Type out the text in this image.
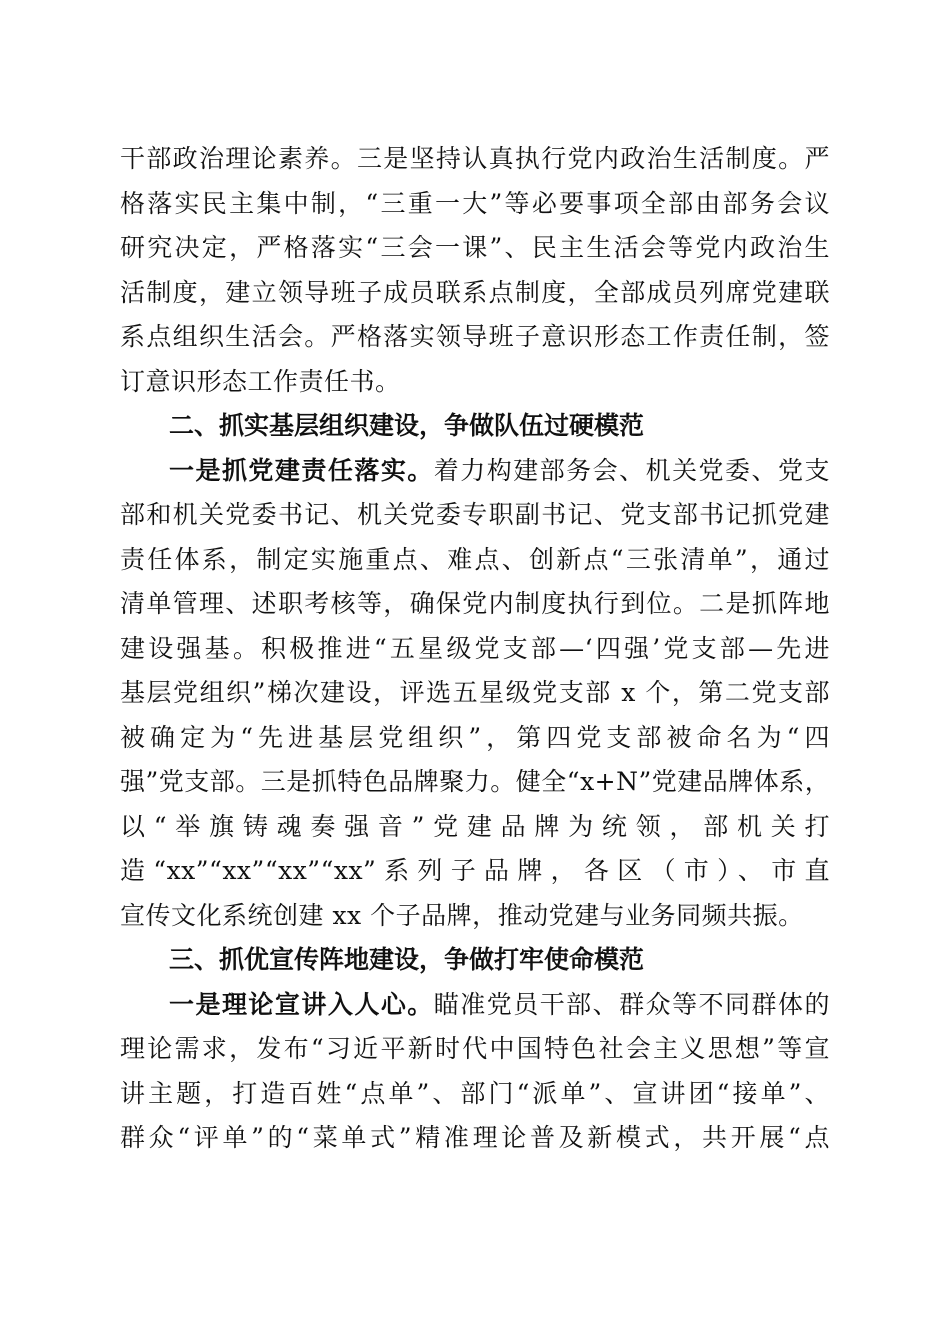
干部政治理论素养。三是坚持认真执行党内政治生活制度。严
格落实民主集中制，“三重一大”等必要事项全部由部务会议
研究决定，严格落实“三会一课”、民主生活会等党内政治生
活制度，建立领导班子成员联系点制度，全部成员列席党建联
系点组织生活会。严格落实领导班子意识形态工作责任制，签
订意识形态工作责任书。
二、抓实基层组织建设，争做队伍过硬模范
一是抓党建责任落实。着力构建部务会、机关党委、党支
部和机关党委书记、机关党委专职副书记、党支部书记抓党建
责任体系，制定实施重点、难点、创新点“三张清单”，通过
清单管理、述职考核等，确保党内制度执行到位。二是抓阵地
建设强基。积极推进“五星级党支部—‘四强’党支部—先进
基层党组织”梯次建设，评选五星级党支部 x 个，第二党支部
被确定为“先进基层党组织”，第四党支部被命名为“四
强”党支部。三是抓特色品牌聚力。健全“x+N”党建品牌体系，
以“举旗铸魂奏强音”党建品牌为统领，部机关打
造“xx”“xx”“xx”“xx”系列子品牌，各区（市）、市直
宣传文化系统创建 xx 个子品牌，推动党建与业务同频共振。
三、抓优宣传阵地建设，争做打牢使命模范
一是理论宣讲入人心。瞄准党员干部、群众等不同群体的
理论需求，发布“习近平新时代中国特色社会主义思想”等宣
讲主题，打造百姓“点单”、部门“派单”、宣讲团“接单”、
群众“评单”的“菜单式”精准理论普及新模式，共开展“点
